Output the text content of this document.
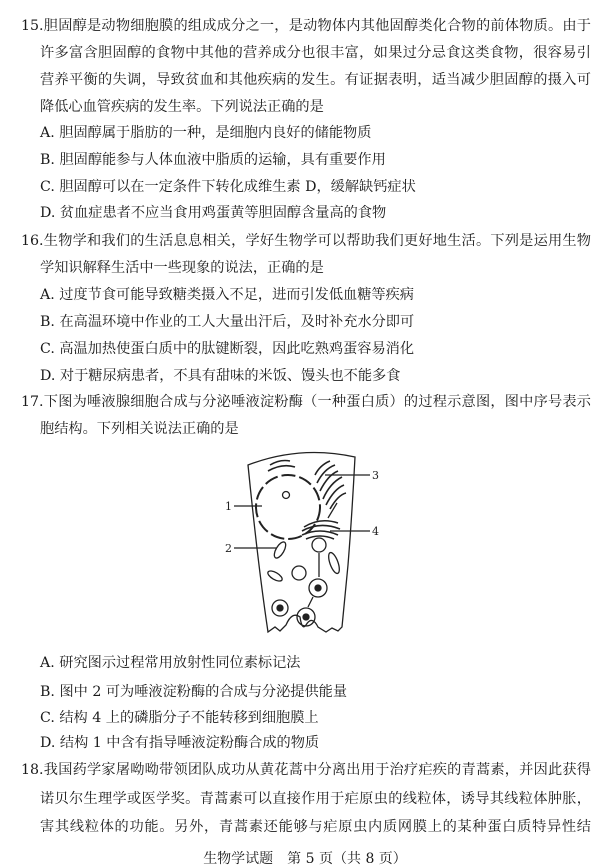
15.胆固醇是动物细胞膜的组成成分之一，是动物体内其他固醇类化合物的前体物质。由于
许多富含胆固醇的食物中其他的营养成分也很丰富，如果过分忌食这类食物，很容易引
营养平衡的失调，导致贫血和其他疾病的发生。有证据表明，适当减少胆固醇的摄入可
降低心血管疾病的发生率。下列说法正确的是
A. 胆固醇属于脂肪的一种，是细胞内良好的储能物质
B. 胆固醇能参与人体血液中脂质的运输，具有重要作用
C. 胆固醇可以在一定条件下转化成维生素 D，缓解缺钙症状
D. 贫血症患者不应当食用鸡蛋黄等胆固醇含量高的食物
16.生物学和我们的生活息息相关，学好生物学可以帮助我们更好地生活。下列是运用生物
学知识解释生活中一些现象的说法，正确的是
A. 过度节食可能导致糖类摄入不足，进而引发低血糖等疾病
B. 在高温环境中作业的工人大量出汗后，及时补充水分即可
C. 高温加热使蛋白质中的肽键断裂，因此吃熟鸡蛋容易消化
D. 对于糖尿病患者，不具有甜味的米饭、馒头也不能多食
17.下图为唾液腺细胞合成与分泌唾液淀粉酶（一种蛋白质）的过程示意图，图中序号表示
胞结构。下列相关说法正确的是
1
2
3
4
A. 研究图示过程常用放射性同位素标记法
B. 图中 2 可为唾液淀粉酶的合成与分泌提供能量
C. 结构 4 上的磷脂分子不能转移到细胞膜上
D. 结构 1 中含有指导唾液淀粉酶合成的物质
18.我国药学家屠呦呦带领团队成功从黄花蒿中分离出用于治疗疟疾的青蒿素，并因此获得
诺贝尔生理学或医学奖。青蒿素可以直接作用于疟原虫的线粒体，诱导其线粒体肿胀，
害其线粒体的功能。另外，青蒿素还能够与疟原虫内质网膜上的某种蛋白质特异性结
生物学试题　第 5 页（共 8 页）
